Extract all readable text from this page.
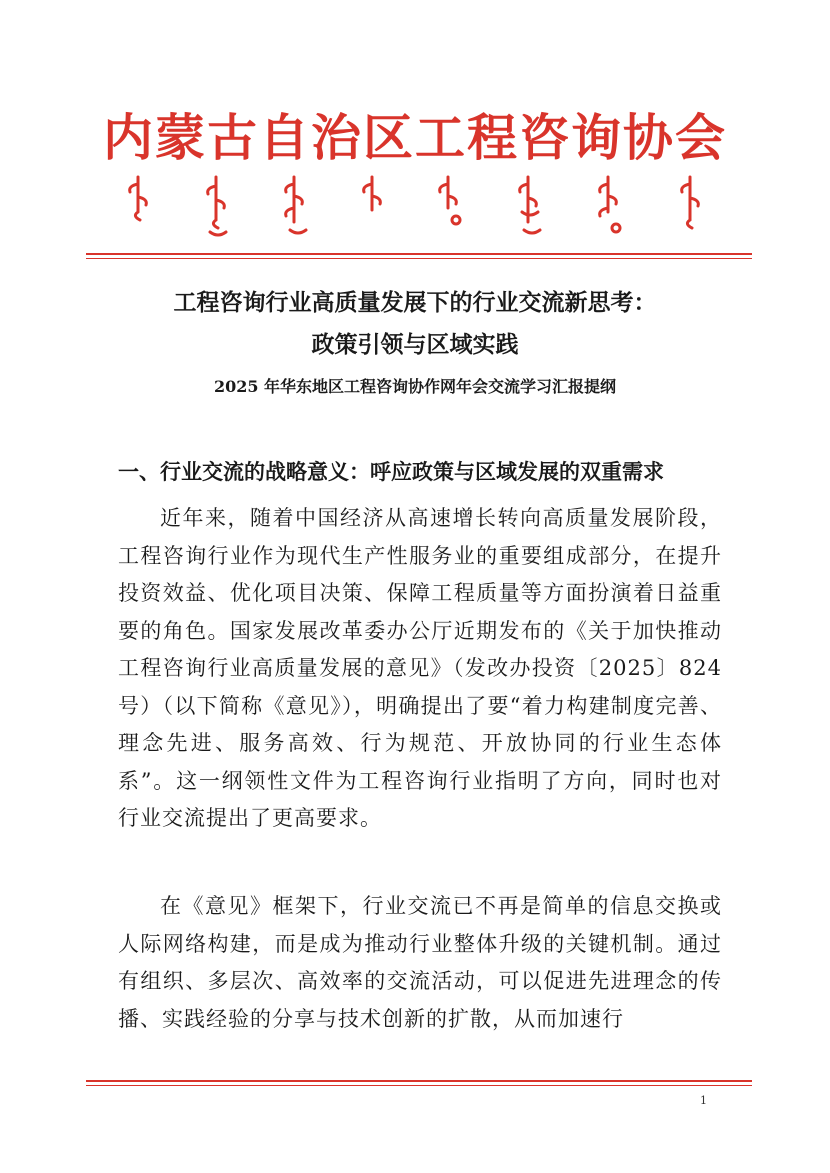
内蒙古自治区工程咨询协会
工程咨询行业高质量发展下的行业交流新思考：
政策引领与区域实践
2025 年华东地区工程咨询协作网年会交流学习汇报提纲
一、行业交流的战略意义：呼应政策与区域发展的双重需求
近年来，随着中国经济从高速增长转向高质量发展阶段，工程咨询行业作为现代生产性服务业的重要组成部分，在提升投资效益、优化项目决策、保障工程质量等方面扮演着日益重要的角色。国家发展改革委办公厅近期发布的《关于加快推动工程咨询行业高质量发展的意见》（发改办投资〔2025〕824 号）（以下简称《意见》），明确提出了要“着力构建制度完善、理念先进、服务高效、行为规范、开放协同的行业生态体系”。这一纲领性文件为工程咨询行业指明了方向，同时也对行业交流提出了更高要求。
在《意见》框架下，行业交流已不再是简单的信息交换或人际网络构建，而是成为推动行业整体升级的关键机制。通过有组织、多层次、高效率的交流活动，可以促进先进理念的传播、实践经验的分享与技术创新的扩散，从而加速行
1
